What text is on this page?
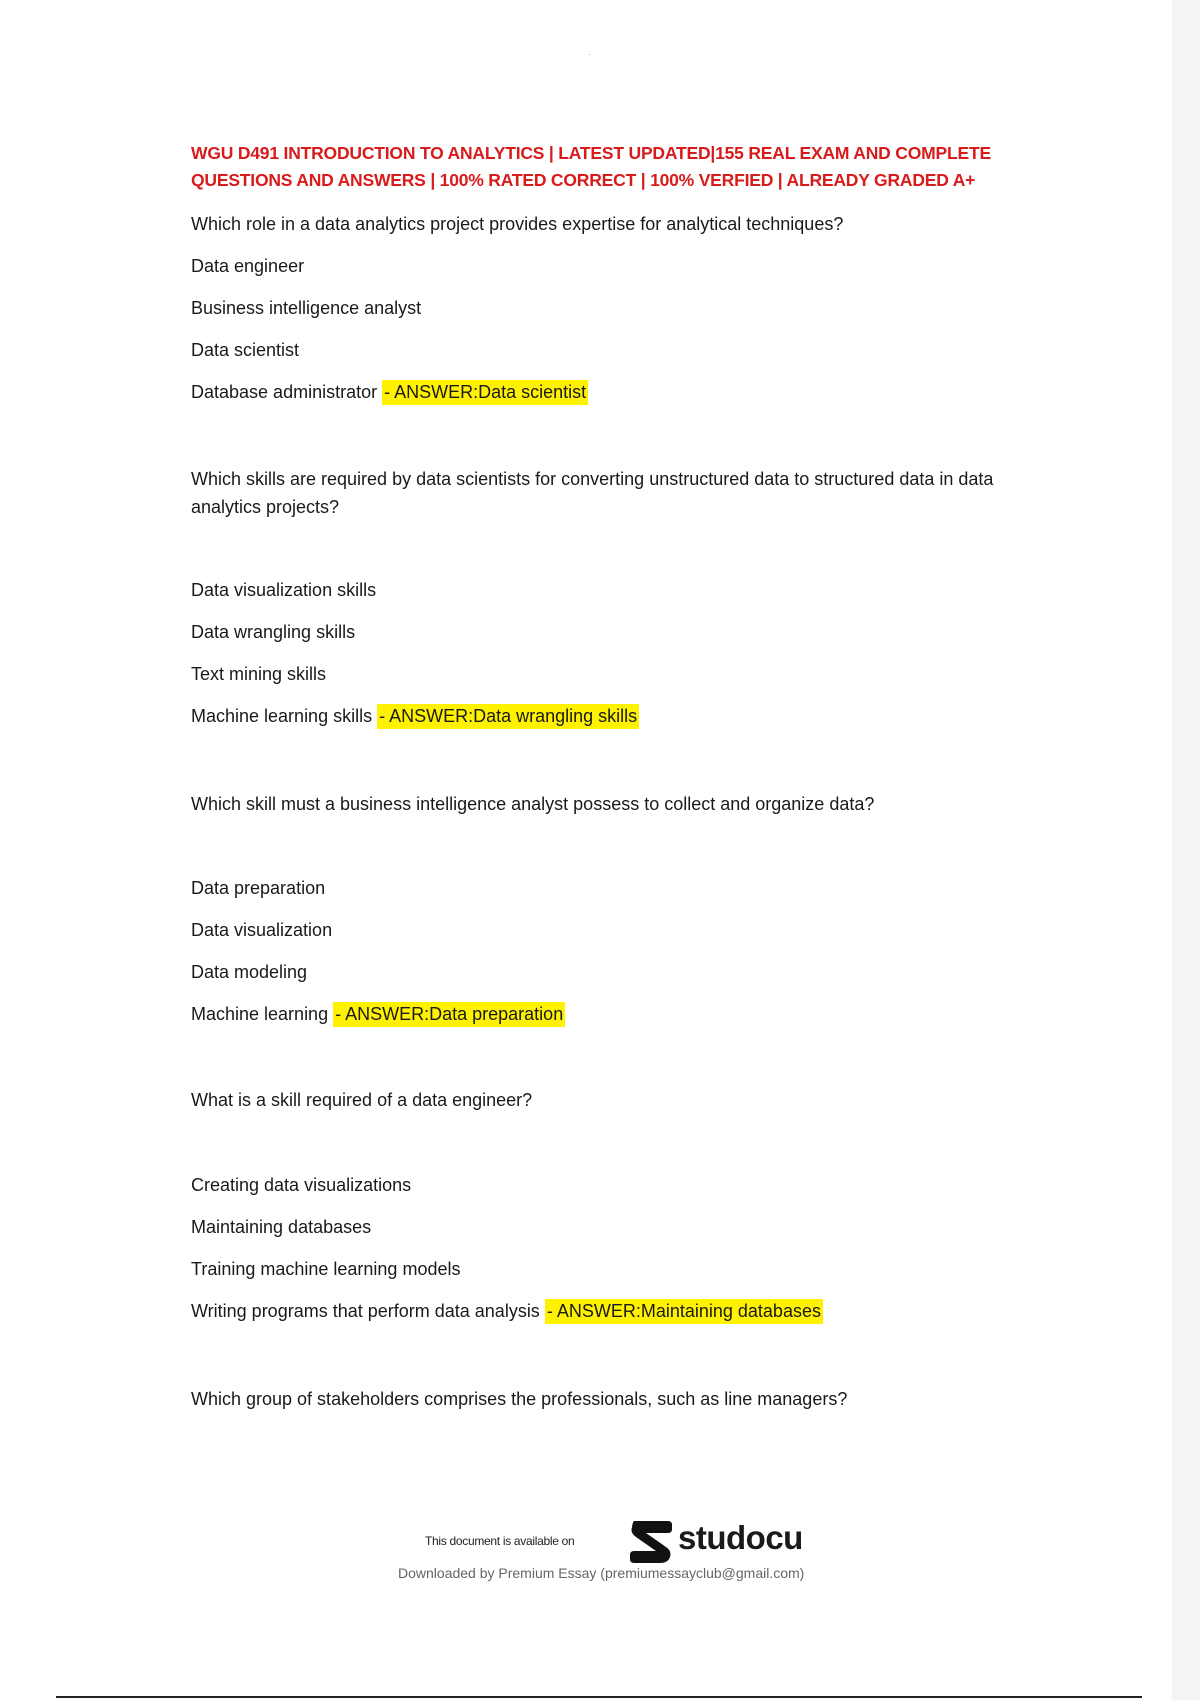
·
WGU D491 INTRODUCTION TO ANALYTICS | LATEST UPDATED|155 REAL EXAM AND COMPLETE QUESTIONS AND ANSWERS | 100% RATED CORRECT | 100% VERFIED | ALREADY GRADED A+
Which role in a data analytics project provides expertise for analytical techniques?
Data engineer
Business intelligence analyst
Data scientist
Database administrator - ANSWER:Data scientist
Which skills are required by data scientists for converting unstructured data to structured data in data analytics projects?
Data visualization skills
Data wrangling skills
Text mining skills
Machine learning skills - ANSWER:Data wrangling skills
Which skill must a business intelligence analyst possess to collect and organize data?
Data preparation
Data visualization
Data modeling
Machine learning - ANSWER:Data preparation
What is a skill required of a data engineer?
Creating data visualizations
Maintaining databases
Training machine learning models
Writing programs that perform data analysis - ANSWER:Maintaining databases
Which group of stakeholders comprises the professionals, such as line managers?
This document is available on	studocu
Downloaded by Premium Essay (premiumessayclub@gmail.com)
